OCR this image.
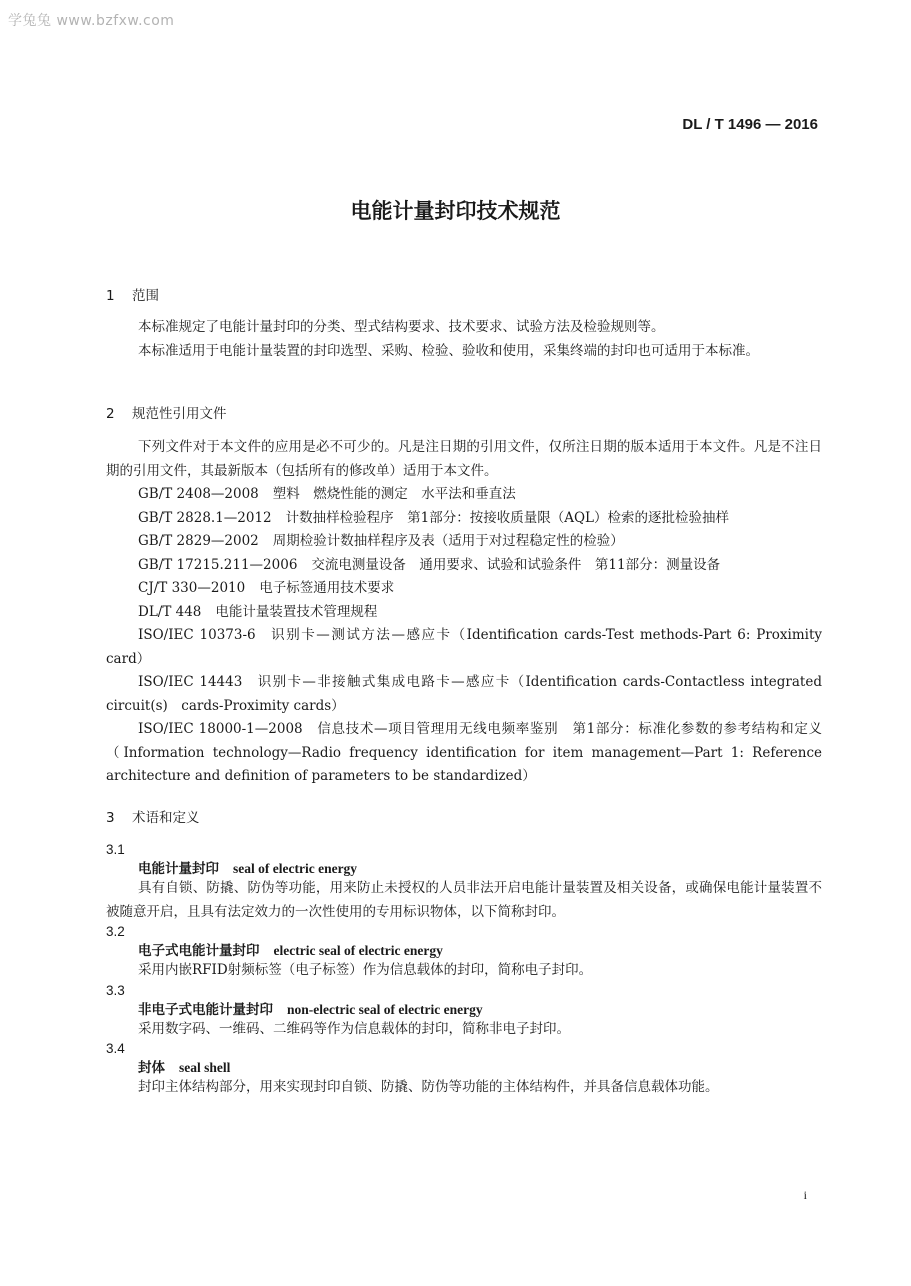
学兔兔 www.bzfxw.com
DL / T 1496 — 2016
电能计量封印技术规范
1 范围
本标准规定了电能计量封印的分类、型式结构要求、技术要求、试验方法及检验规则等。
本标准适用于电能计量装置的封印选型、采购、检验、验收和使用，采集终端的封印也可适用于本标准。
2 规范性引用文件
下列文件对于本文件的应用是必不可少的。凡是注日期的引用文件，仅所注日期的版本适用于本文件。凡是不注日期的引用文件，其最新版本（包括所有的修改单）适用于本文件。
GB/T 2408—2008 塑料　燃烧性能的测定　水平法和垂直法
GB/T 2828.1—2012 计数抽样检验程序　第1部分：按接收质量限（AQL）检索的逐批检验抽样
GB/T 2829—2002 周期检验计数抽样程序及表（适用于对过程稳定性的检验）
GB/T 17215.211—2006 交流电测量设备　通用要求、试验和试验条件　第11部分：测量设备
CJ/T 330—2010 电子标签通用技术要求
DL/T 448 电能计量装置技术管理规程
ISO/IEC 10373-6 识别卡—测试方法—感应卡（Identification cards-Test methods-Part 6: Proximity card）
ISO/IEC 14443 识别卡—非接触式集成电路卡—感应卡（Identification cards-Contactless integrated circuit(s)　cards-Proximity cards）
ISO/IEC 18000-1—2008 信息技术—项目管理用无线电频率鉴别　第1部分：标准化参数的参考结构和定义（Information technology—Radio frequency identification for item management—Part 1: Reference architecture and definition of parameters to be standardized）
3 术语和定义
3.1
电能计量封印 seal of electric energy
具有自锁、防撬、防伪等功能，用来防止未授权的人员非法开启电能计量装置及相关设备，或确保电能计量装置不被随意开启，且具有法定效力的一次性使用的专用标识物体，以下简称封印。
3.2
电子式电能计量封印 electric seal of electric energy
采用内嵌RFID射频标签（电子标签）作为信息载体的封印，简称电子封印。
3.3
非电子式电能计量封印 non-electric seal of electric energy
采用数字码、一维码、二维码等作为信息载体的封印，简称非电子封印。
3.4
封体 seal shell
封印主体结构部分，用来实现封印自锁、防撬、防伪等功能的主体结构件，并具备信息载体功能。
i
